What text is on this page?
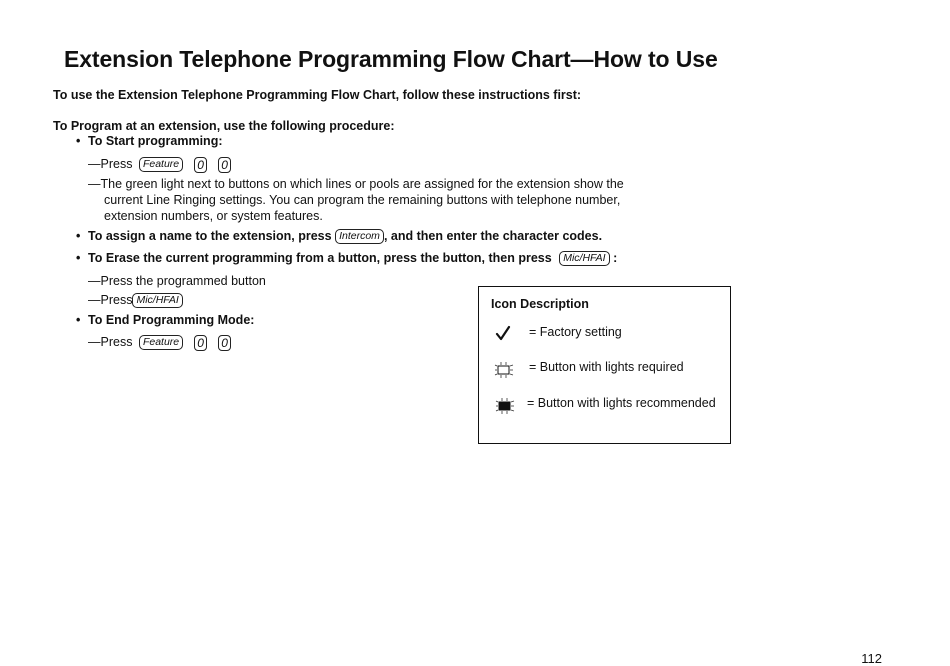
Extension Telephone Programming Flow Chart—How to Use
To use the Extension Telephone Programming Flow Chart, follow these instructions first:
To Program at an extension, use the following procedure:
• To Start programming:
—Press Feature 0 0
—The green light next to buttons on which lines or pools are assigned for the extension show the
current Line Ringing settings. You can program the remaining buttons with telephone number,
extension numbers, or system features.
• To assign a name to the extension, press Intercom , and then enter the character codes.
• To Erase the current programming from a button, press the button, then press Mic/HFAI :
—Press the programmed button
—Press Mic/HFAI
• To End Programming Mode:
—Press Feature 0 0
Icon Description
= Factory setting
= Button with lights required
= Button with lights recommended
112
